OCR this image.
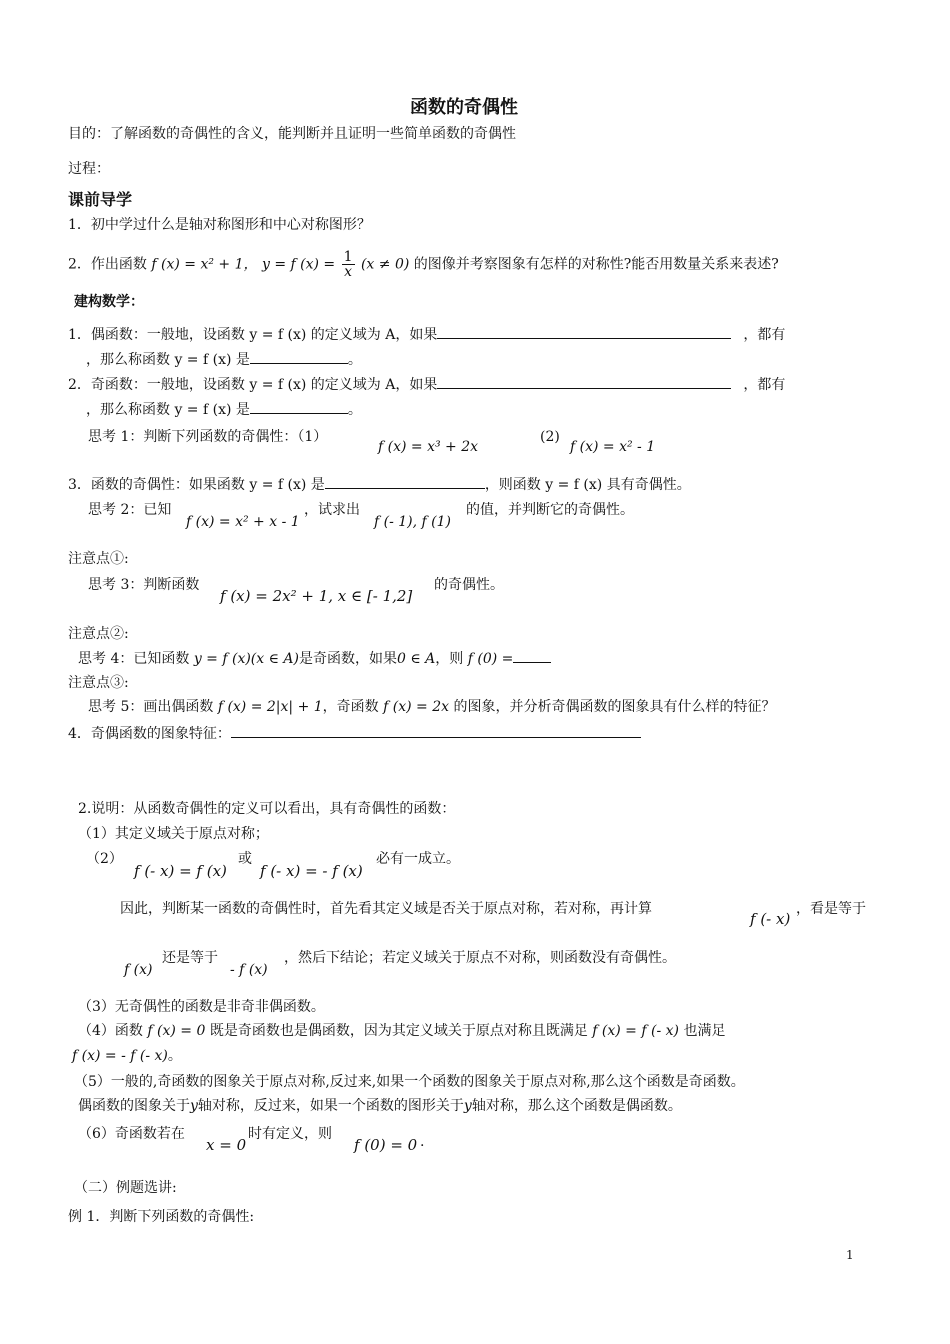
函数的奇偶性
目的：了解函数的奇偶性的含义，能判断并且证明一些简单函数的奇偶性
过程：
课前导学
1．初中学过什么是轴对称图形和中心对称图形？
2．作出函数 f (x) = x² + 1， y = f $(x) = \frac{1}{x} (x \ne 0)$ 的图像并考察图象有怎样的对称性?能否用数量关系来表述?
建构数学：
1．偶函数：一般地，设函数 y = f (x) 的定义域为 A，如果	，都有
，那么称函数 y = f (x) 是	。
2．奇函数：一般地，设函数 y = f (x) 的定义域为 A，如果	，都有
，那么称函数 y = f (x) 是	。
思考 1：判断下列函数的奇偶性：（1）
f (x) = x³ + 2x
(2)
f (x) = x² - 1
3．函数的奇偶性：如果函数 y = f (x) 是	，则函数 y = f (x) 具有奇偶性。
思考 2：已知
f (x) = x² + x - 1
，试求出
f (- 1), f (1)
的值，并判断它的奇偶性。
注意点①:
思考 3：判断函数
f (x) = 2x² + 1, x ∈ [- 1,2]
的奇偶性。
注意点②:
思考 4：已知函数 y = f (x)(x ∈ A)是奇函数，如果0 ∈ A，则 f (0) =
注意点③:
思考 5：画出偶函数 f (x) = 2|x| + 1，奇函数 f (x) = 2x 的图象，并分析奇偶函数的图象具有什么样的特征？
4．奇偶函数的图象特征：
2.说明：从函数奇偶性的定义可以看出，具有奇偶性的函数：
（1）其定义域关于原点对称；
（2）
f (- x) = f (x)
或
f (- x) = - f (x)
必有一成立。
因此，判断某一函数的奇偶性时，首先看其定义域是否关于原点对称，若对称，再计算
f (- x)
，看是等于
f (x)
还是等于
- f (x)
，然后下结论；若定义域关于原点不对称，则函数没有奇偶性。
（3）无奇偶性的函数是非奇非偶函数。
（4）函数 f (x) = 0 既是奇函数也是偶函数，因为其定义域关于原点对称且既满足 f (x) = f (- x) 也满足
f (x) = - f (- x)。
（5）一般的,奇函数的图象关于原点对称,反过来,如果一个函数的图象关于原点对称,那么这个函数是奇函数。
偶函数的图象关于y轴对称，反过来，如果一个函数的图形关于y轴对称，那么这个函数是偶函数。
（6）奇函数若在
x = 0
时有定义，则
f (0) = 0 .
（二）例题选讲:
例 1．判断下列函数的奇偶性:
1
